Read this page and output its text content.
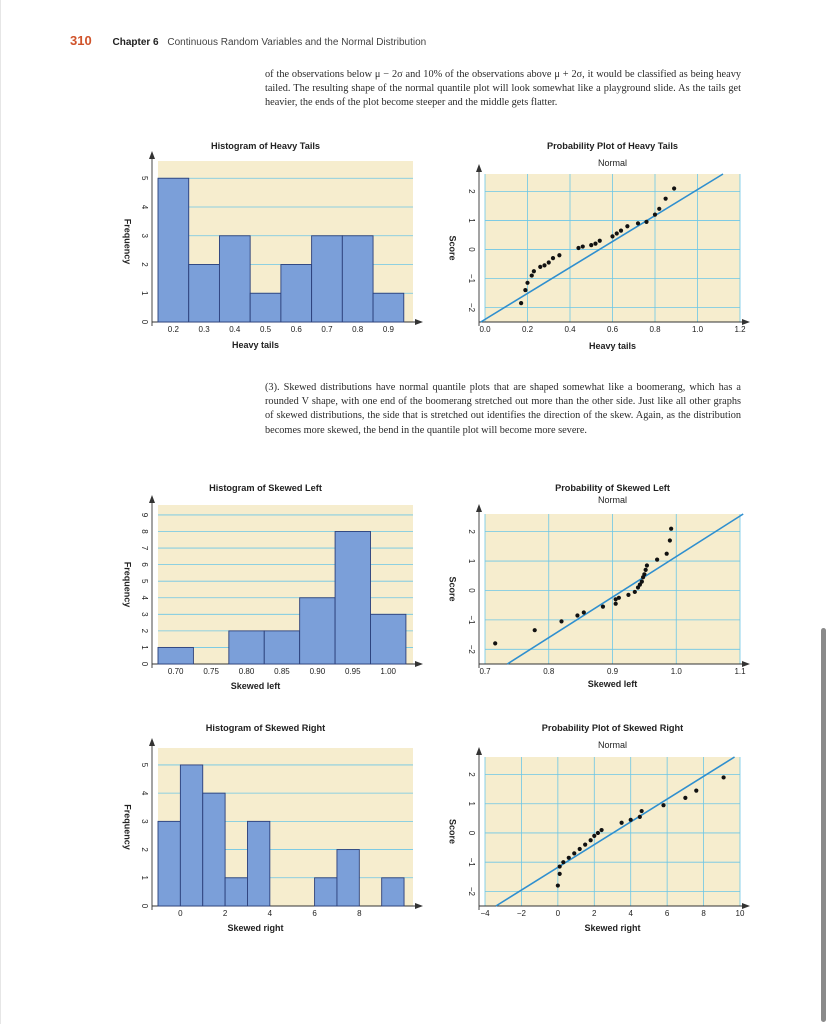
310 Chapter 6 Continuous Random Variables and the Normal Distribution
of the observations below μ − 2σ and 10% of the observations above μ + 2σ, it would be classified as being heavy tailed. The resulting shape of the normal quantile plot will look somewhat like a playground slide. As the tails get heavier, the ends of the plot become steeper and the middle gets flatter.
(3). Skewed distributions have normal quantile plots that are shaped somewhat like a boomerang, which has a rounded V shape, with one end of the boomerang stretched out more than the other side. Just like all other graphs of skewed distributions, the side that is stretched out identifies the direction of the skew. Again, as the distribution becomes more skewed, the bend in the quantile plot will become more severe.
0
1
2
3
4
5
0.2 0.3 0.4 0.5 0.6 0.7 0.8 0.9
Histogram of Heavy Tails
Heavy tails
Frequency
−2
−1
0
1
2
0.0	0.2	0.4	0.6	0.8	1.0	1.2
Probability Plot of Heavy Tails
Normal
Heavy tails
Score
0
1
2
3
4
5
6
7
8
9
0.70 0.75 0.80 0.85 0.90 0.95 1.00
Histogram of Skewed Left
Skewed left
Frequency
−2
−1
0
1
2
0.7	0.8	0.9	1.0	1.1
Probability of Skewed Left
Normal
Skewed left
Score
0
1
2
3
4
5
0	2	4	6	8
Histogram of Skewed Right
Skewed right
Frequency
−2
−1
0
1
2
−4	−2	0	2	4	6	8	10
Probability Plot of Skewed Right
Normal
Skewed right
Score
